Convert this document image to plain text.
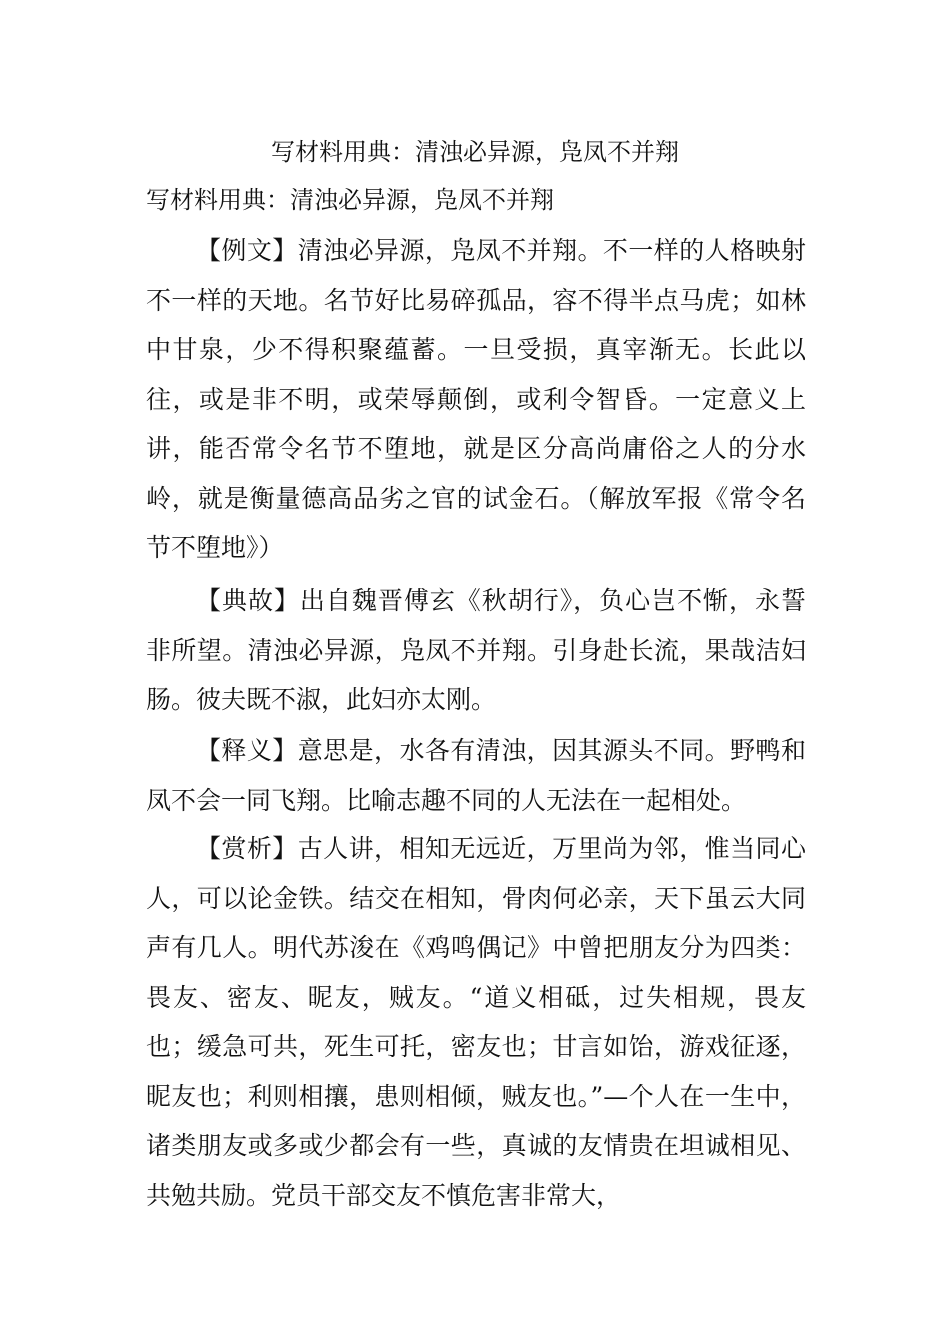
写材料用典：清浊必异源，凫凤不并翔
写材料用典：清浊必异源，凫凤不并翔

【例文】清浊必异源，凫凤不并翔。不一样的人格映射不一样的天地。名节好比易碎孤品，容不得半点马虎；如林中甘泉，少不得积聚蕴蓄。一旦受损，真宰渐无。长此以往，或是非不明，或荣辱颠倒，或利令智昏。一定意义上讲，能否常令名节不堕地，就是区分高尚庸俗之人的分水岭，就是衡量德高品劣之官的试金石。（解放军报《常令名节不堕地》）

【典故】出自魏晋傅玄《秋胡行》，负心岂不惭，永誓非所望。清浊必异源，凫凤不并翔。引身赴长流，果哉洁妇肠。彼夫既不淑，此妇亦太刚。

【释义】意思是，水各有清浊，因其源头不同。野鸭和凤不会一同飞翔。比喻志趣不同的人无法在一起相处。

【赏析】古人讲，相知无远近，万里尚为邻，惟当同心人，可以论金铁。结交在相知，骨肉何必亲，天下虽云大同声有几人。明代苏浚在《鸡鸣偶记》中曾把朋友分为四类：畏友、密友、昵友，贼友。“道义相砥，过失相规，畏友也；缓急可共，死生可托，密友也；甘言如饴，游戏征逐，昵友也；利则相攘，患则相倾，贼友也。”—个人在一生中，诸类朋友或多或少都会有一些，真诚的友情贵在坦诚相见、共勉共励。党员干部交友不慎危害非常大，
